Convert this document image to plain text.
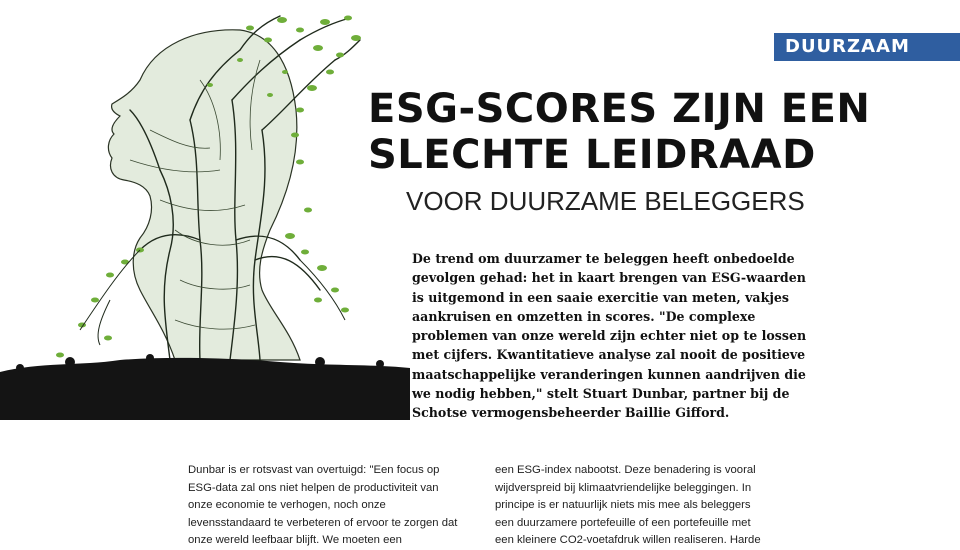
DUURZAAM
ESG-SCORES ZIJN EEN SLECHTE LEIDRAAD
VOOR DUURZAME BELEGGERS

De trend om duurzamer te beleggen heeft onbedoelde gevolgen gehad: het in kaart brengen van ESG-waarden is uitgemond in een saaie exercitie van meten, vakjes aankruisen en omzetten in scores. "De complexe problemen van onze wereld zijn echter niet op te lossen met cijfers. Kwantitatieve analyse zal nooit de positieve maatschappelijke veranderingen kunnen aandrijven die we nodig hebben," stelt Stuart Dunbar, partner bij de Schotse vermogensbeheerder Baillie Gifford.

Dunbar is er rotsvast van overtuigd: "Een focus op ESG-data zal ons niet helpen de productiviteit van onze economie te verhogen, noch onze levensstandaard te verbeteren of ervoor te zorgen dat onze wereld leefbaar blijft. We moeten een

een ESG-index nabootst. Deze benadering is vooral wijdverspreid bij klimaatvriendelijke beleggingen. In principe is er natuurlijk niets mis mee als beleggers een duurzamere portefeuille of een portefeuille met een kleinere CO2-voetafdruk willen realiseren. Harde
